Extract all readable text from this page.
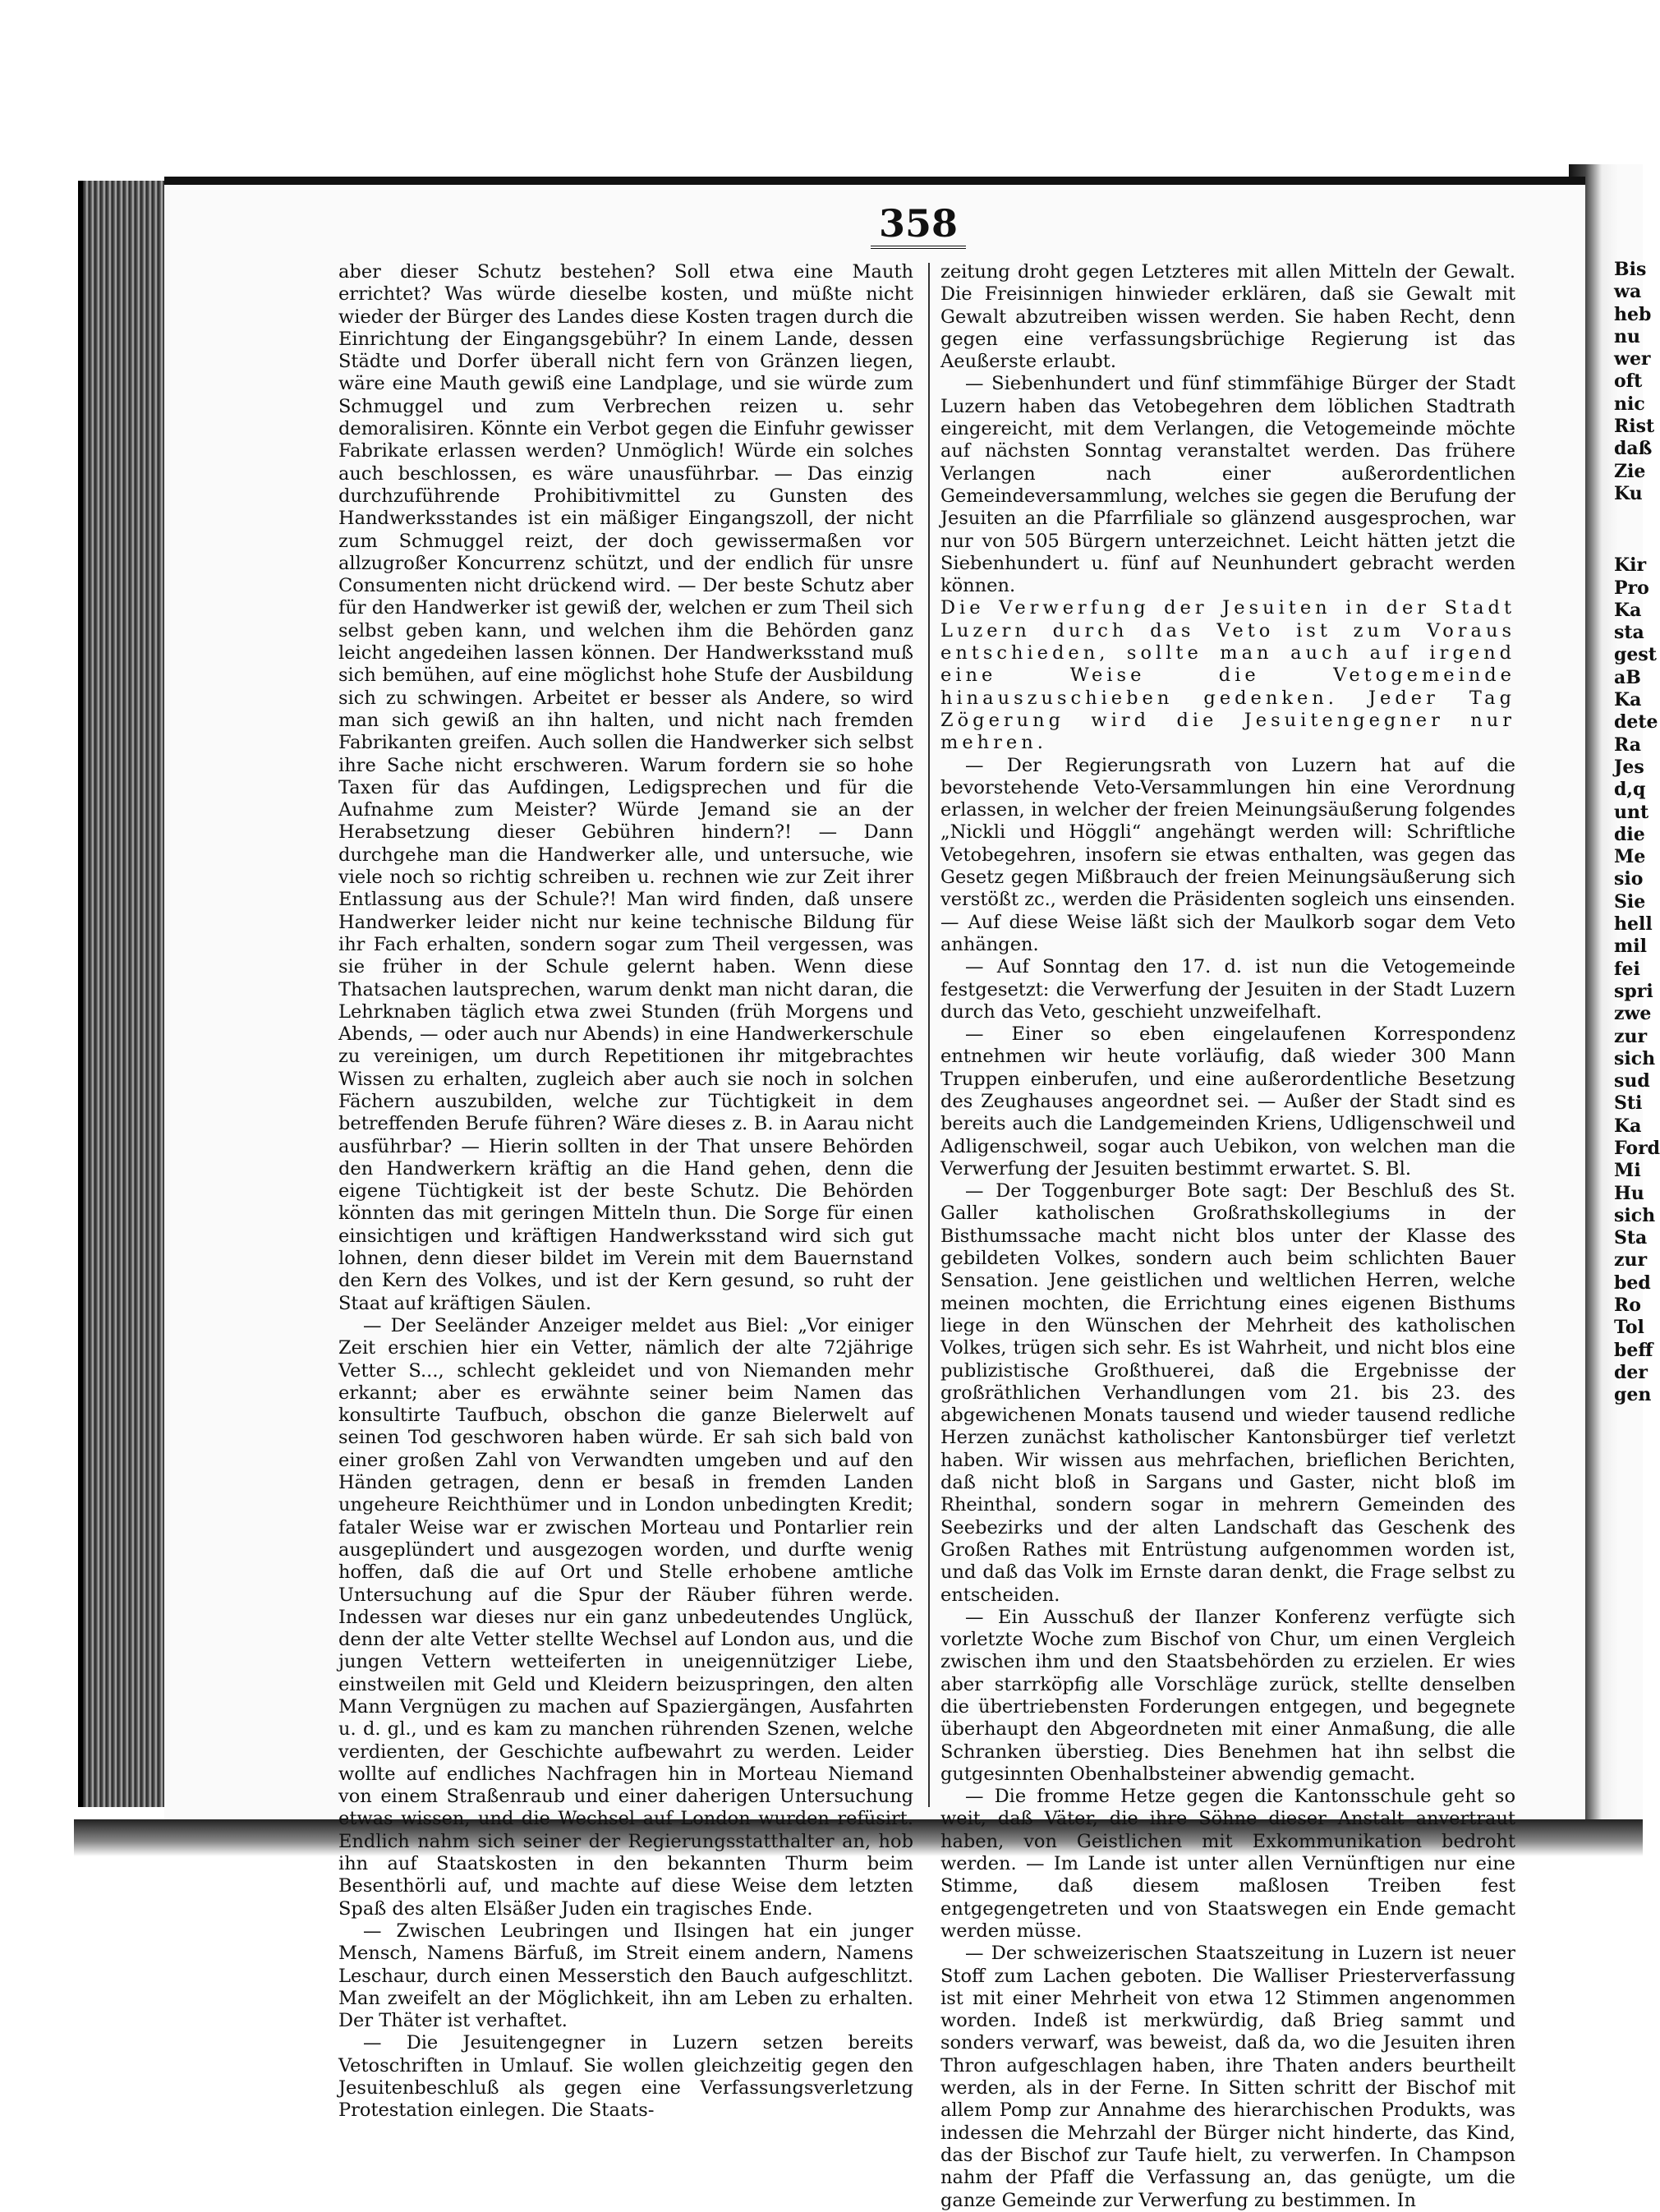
358

aber dieser Schutz bestehen? Soll etwa eine Mauth errichtet? Was würde dieselbe kosten, und müßte nicht wieder der Bürger des Landes diese Kosten tragen durch die Einrichtung der Eingangsgebühr? In einem Lande, dessen Städte und Dorfer überall nicht fern von Gränzen liegen, wäre eine Mauth gewiß eine Landplage, und sie würde zum Schmuggel und zum Verbrechen reizen u. sehr demoralisiren. Könnte ein Verbot gegen die Einfuhr gewisser Fabrikate erlassen werden? Unmöglich! Würde ein solches auch beschlossen, es wäre unausführbar. — Das einzig durchzuführende Prohibitivmittel zu Gunsten des Handwerksstandes ist ein mäßiger Eingangszoll, der nicht zum Schmuggel reizt, der doch gewissermaßen vor allzugroßer Koncurrenz schützt, und der endlich für unsre Consumenten nicht drückend wird. — Der beste Schutz aber für den Handwerker ist gewiß der, welchen er zum Theil sich selbst geben kann, und welchen ihm die Behörden ganz leicht angedeihen lassen können. Der Handwerksstand muß sich bemühen, auf eine möglichst hohe Stufe der Ausbildung sich zu schwingen. Arbeitet er besser als Andere, so wird man sich gewiß an ihn halten, und nicht nach fremden Fabrikanten greifen. Auch sollen die Handwerker sich selbst ihre Sache nicht erschweren. Warum fordern sie so hohe Taxen für das Aufdingen, Ledigsprechen und für die Aufnahme zum Meister? Würde Jemand sie an der Herabsetzung dieser Gebühren hindern?! — Dann durchgehe man die Handwerker alle, und untersuche, wie viele noch so richtig schreiben u. rechnen wie zur Zeit ihrer Entlassung aus der Schule?! Man wird finden, daß unsere Handwerker leider nicht nur keine technische Bildung für ihr Fach erhalten, sondern sogar zum Theil vergessen, was sie früher in der Schule gelernt haben. Wenn diese Thatsachen lautsprechen, warum denkt man nicht daran, die Lehrknaben täglich etwa zwei Stunden (früh Morgens und Abends, — oder auch nur Abends) in eine Handwerkerschule zu vereinigen, um durch Repetitionen ihr mitgebrachtes Wissen zu erhalten, zugleich aber auch sie noch in solchen Fächern auszubilden, welche zur Tüchtigkeit in dem betreffenden Berufe führen? Wäre dieses z. B. in Aarau nicht ausführbar? — Hierin sollten in der That unsere Behörden den Handwerkern kräftig an die Hand gehen, denn die eigene Tüchtigkeit ist der beste Schutz. Die Behörden könnten das mit geringen Mitteln thun. Die Sorge für einen einsichtigen und kräftigen Handwerksstand wird sich gut lohnen, denn dieser bildet im Verein mit dem Bauernstand den Kern des Volkes, und ist der Kern gesund, so ruht der Staat auf kräftigen Säulen.

— Der Seeländer Anzeiger meldet aus Biel: „Vor einiger Zeit erschien hier ein Vetter, nämlich der alte 72jährige Vetter S..., schlecht gekleidet und von Niemanden mehr erkannt; aber es erwähnte seiner beim Namen das konsultirte Taufbuch, obschon die ganze Bielerwelt auf seinen Tod geschworen haben würde. Er sah sich bald von einer großen Zahl von Verwandten umgeben und auf den Händen getragen, denn er besaß in fremden Landen ungeheure Reichthümer und in London unbedingten Kredit; fataler Weise war er zwischen Morteau und Pontarlier rein ausgeplündert und ausgezogen worden, und durfte wenig hoffen, daß die auf Ort und Stelle erhobene amtliche Untersuchung auf die Spur der Räuber führen werde. Indessen war dieses nur ein ganz unbedeutendes Unglück, denn der alte Vetter stellte Wechsel auf London aus, und die jungen Vettern wetteiferten in uneigennütziger Liebe, einstweilen mit Geld und Kleidern beizuspringen, den alten Mann Vergnügen zu machen auf Spaziergängen, Ausfahrten u. d. gl., und es kam zu manchen rührenden Szenen, welche verdienten, der Geschichte aufbewahrt zu werden. Leider wollte auf endliches Nachfragen hin in Morteau Niemand von einem Straßenraub und einer daherigen Untersuchung etwas wissen, und die Wechsel auf London wurden refüsirt. Endlich nahm sich seiner der Regierungsstatthalter an, hob ihn auf Staatskosten in den bekannten Thurm beim Besenthörli auf, und machte auf diese Weise dem letzten Spaß des alten Elsäßer Juden ein tragisches Ende.

— Zwischen Leubringen und Ilsingen hat ein junger Mensch, Namens Bärfuß, im Streit einem andern, Namens Leschaur, durch einen Messerstich den Bauch aufgeschlitzt. Man zweifelt an der Möglichkeit, ihn am Leben zu erhalten. Der Thäter ist verhaftet.

— Die Jesuitengegner in Luzern setzen bereits Vetoschriften in Umlauf. Sie wollen gleichzeitig gegen den Jesuitenbeschluß als gegen eine Verfassungsverletzung Protestation einlegen. Die Staats-

zeitung droht gegen Letzteres mit allen Mitteln der Gewalt. Die Freisinnigen hinwieder erklären, daß sie Gewalt mit Gewalt abzutreiben wissen werden. Sie haben Recht, denn gegen eine verfassungsbrüchige Regierung ist das Aeußerste erlaubt.

— Siebenhundert und fünf stimmfähige Bürger der Stadt Luzern haben das Vetobegehren dem löblichen Stadtrath eingereicht, mit dem Verlangen, die Vetogemeinde möchte auf nächsten Sonntag veranstaltet werden. Das frühere Verlangen nach einer außerordentlichen Gemeindeversammlung, welches sie gegen die Berufung der Jesuiten an die Pfarrfiliale so glänzend ausgesprochen, war nur von 505 Bürgern unterzeichnet. Leicht hätten jetzt die Siebenhundert u. fünf auf Neunhundert gebracht werden können.

Die Verwerfung der Jesuiten in der Stadt Luzern durch das Veto ist zum Voraus entschieden, sollte man auch auf irgend eine Weise die Vetogemeinde hinauszuschieben gedenken. Jeder Tag Zögerung wird die Jesuitengegner nur mehren.

— Der Regierungsrath von Luzern hat auf die bevorstehende Veto-Versammlungen hin eine Verordnung erlassen, in welcher der freien Meinungsäußerung folgendes „Nickli und Höggli“ angehängt werden will: Schriftliche Vetobegehren, insofern sie etwas enthalten, was gegen das Gesetz gegen Mißbrauch der freien Meinungsäußerung sich verstößt zc., werden die Präsidenten sogleich uns einsenden. — Auf diese Weise läßt sich der Maulkorb sogar dem Veto anhängen.

— Auf Sonntag den 17. d. ist nun die Vetogemeinde festgesetzt: die Verwerfung der Jesuiten in der Stadt Luzern durch das Veto, geschieht unzweifelhaft.

— Einer so eben eingelaufenen Korrespondenz entnehmen wir heute vorläufig, daß wieder 300 Mann Truppen einberufen, und eine außerordentliche Besetzung des Zeughauses angeordnet sei. — Außer der Stadt sind es bereits auch die Landgemeinden Kriens, Udligenschweil und Adligenschweil, sogar auch Uebikon, von welchen man die Verwerfung der Jesuiten bestimmt erwartet. S. Bl.

— Der Toggenburger Bote sagt: Der Beschluß des St. Galler katholischen Großrathskollegiums in der Bisthumssache macht nicht blos unter der Klasse des gebildeten Volkes, sondern auch beim schlichten Bauer Sensation. Jene geistlichen und weltlichen Herren, welche meinen mochten, die Errichtung eines eigenen Bisthums liege in den Wünschen der Mehrheit des katholischen Volkes, trügen sich sehr. Es ist Wahrheit, und nicht blos eine publizistische Großthuerei, daß die Ergebnisse der großräthlichen Verhandlungen vom 21. bis 23. des abgewichenen Monats tausend und wieder tausend redliche Herzen zunächst katholischer Kantonsbürger tief verletzt haben. Wir wissen aus mehrfachen, brieflichen Berichten, daß nicht bloß in Sargans und Gaster, nicht bloß im Rheinthal, sondern sogar in mehrern Gemeinden des Seebezirks und der alten Landschaft das Geschenk des Großen Rathes mit Entrüstung aufgenommen worden ist, und daß das Volk im Ernste daran denkt, die Frage selbst zu entscheiden.

— Ein Ausschuß der Ilanzer Konferenz verfügte sich vorletzte Woche zum Bischof von Chur, um einen Vergleich zwischen ihm und den Staatsbehörden zu erzielen. Er wies aber starrköpfig alle Vorschläge zurück, stellte denselben die übertriebensten Forderungen entgegen, und begegnete überhaupt den Abgeordneten mit einer Anmaßung, die alle Schranken überstieg. Dies Benehmen hat ihn selbst die gutgesinnten Obenhalbsteiner abwendig gemacht.

— Die fromme Hetze gegen die Kantonsschule geht so weit, daß Väter, die ihre Söhne dieser Anstalt anvertraut haben, von Geistlichen mit Exkommunikation bedroht werden. — Im Lande ist unter allen Vernünftigen nur eine Stimme, daß diesem maßlosen Treiben fest entgegengetreten und von Staatswegen ein Ende gemacht werden müsse.

— Der schweizerischen Staatszeitung in Luzern ist neuer Stoff zum Lachen geboten. Die Walliser Priesterverfassung ist mit einer Mehrheit von etwa 12 Stimmen angenommen worden. Indeß ist merkwürdig, daß Brieg sammt und sonders verwarf, was beweist, daß da, wo die Jesuiten ihren Thron aufgeschlagen haben, ihre Thaten anders beurtheilt werden, als in der Ferne. In Sitten schritt der Bischof mit allem Pomp zur Annahme des hierarchischen Produkts, was indessen die Mehrzahl der Bürger nicht hinderte, das Kind, das der Bischof zur Taufe hielt, zu verwerfen. In Champson nahm der Pfaff die Verfassung an, das genügte, um die ganze Gemeinde zur Verwerfung zu bestimmen. In

Bis
wa
heb
nu
wer
oft
nic
Rist
daß
Zie
Ku
Kir
Pro
Ka
sta
gest
aB
Ka
dete
Ra
Jes
d,q
unt
die
Me
sio
Sie
hell
mil
fei
spri
zwe
zur
sich
sud
Sti
Ka
Ford
Mi
Hu
sich
Sta
zur
bed
Ro
Tol
beff
der
gen
